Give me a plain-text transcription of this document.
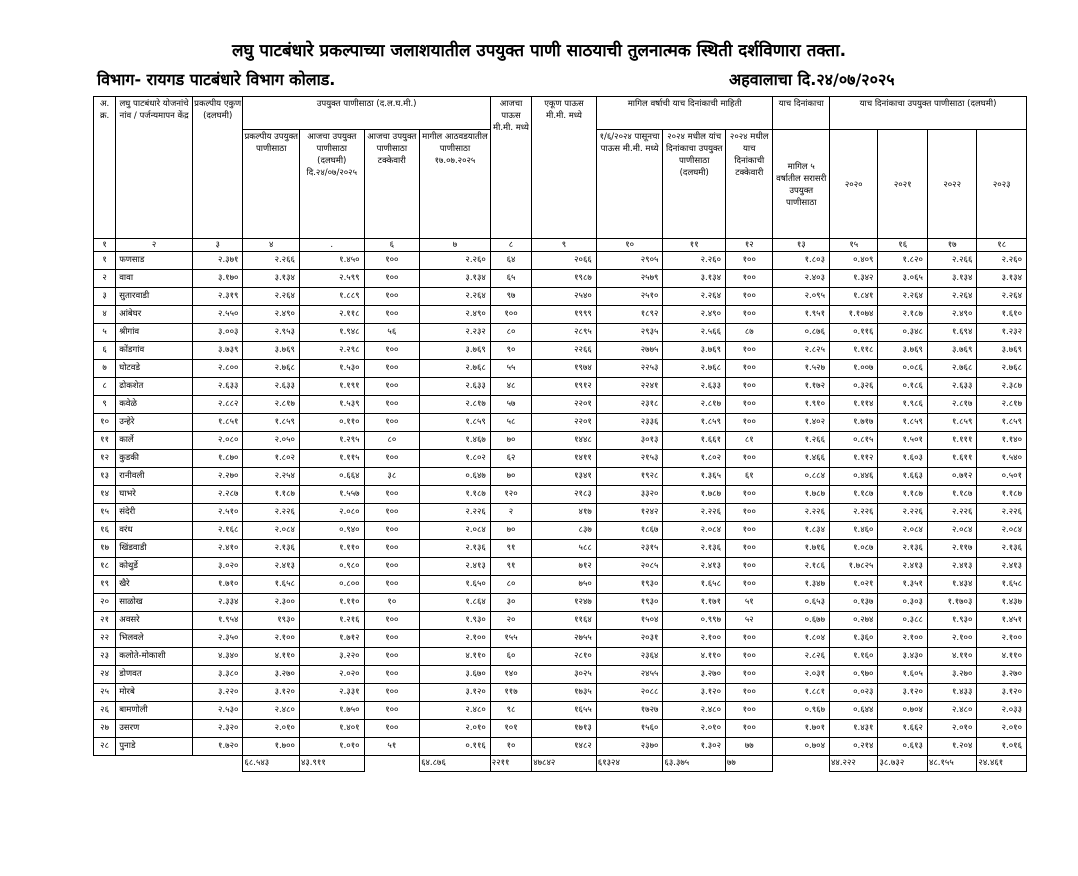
लघु पाटबंधारे प्रकल्पाच्या जलाशयातील उपयुक्त पाणी साठयाची तुलनात्मक स्थिती दर्शविणारा तक्ता.
विभाग- रायगड पाटबंधारे विभाग कोलाड.	अहवालाचा दि.२४/०७/२०२५
अ. क्र.	लघु पाटबंधारे योजनांचे नांव / पर्जन्यमापन केंद्र	प्रकल्पीय एकुण (दलघमी)	उपयुक्त पाणीसाठा (द.ल.घ.मी.)				आजचा पाऊस मी.मी. मध्ये	एकूण पाऊस मी.मी. मध्ये	मागिल वर्षाची याच दिनांकाची माहिती			याच दिनांकाचा	याच दिनांकाचा उपयुक्त पाणीसाठा (दलघमी)			
			प्रकल्पीय उपयुक्त पाणीसाठा	आजचा उपयुक्त पाणीसाठा (दलघमी) दि.२४/०७/२०२५	आजचा उपयुक्त पाणीसाठा टक्केवारी	मागील आठवडयातील पाणीसाठा १७.०७.२०२५			१/६/२०२४ पासूनचा पाऊस मी.मी. मध्ये	२०२४ मधील यांच दिनांकाचा उपयुक्त पाणीसाठा (दलघमी)	२०२४ मधील याच दिनांकाची टक्केवारी	मागिल ५ वर्षातील सरासरी उपयुक्त पाणीसाठा	२०२०	२०२१	२०२२	२०२३
१	२	३	४	.	६	७	८	९	१०	११	१२	१३	१५	१६	१७	१८
१	फणसाड	२.३७१	२.२६६	१.४५०	१००	२.२६०	६४	२०६६	२९०५	२.२६०	१००	१.८०३	०.४०९	१.८२०	२.२६६	२.२६०
२	वावा	३.१७०	३.१३४	२.५९९	१००	३.१३४	६५	१९८७	२५७९	३.१३४	१००	२.४०३	१.३४२	३.०६५	३.१३४	३.१३४
३	सुतारवाडी	२.३१९	२.२६४	१.८८९	१००	२.२६४	९७	२५४०	२५१०	२.२६४	१००	२.०९५	१.८४१	२.२६४	२.२६४	२.२६४
४	आंबेघर	२.५५०	२.४९०	२.११८	१००	२.४९०	१००	१९९९	१८९२	२.४९०	१००	१.९५१	१.१०७४	२.१८७	२.४९०	१.६१०
५	श्रीगांव	३.००३	२.९५३	१.९४८	५६	२.२३२	८०	२८९५	२९३५	२.५६६	८७	०.८७६	०.११६	०.३४८	१.६९४	१.२३२
६	कोंडगांव	३.७३९	३.७६९	२.२९८	१००	३.७६९	९०	२२६६	२७७५	३.७६९	१००	२.८२५	१.११८	३.७६९	३.७६९	३.७६९
७	घोटवडे	२.८००	२.७६८	१.५३०	१००	२.७६८	५५	१९७४	२२५३	२.७६८	१००	१.५२७	१.००७	०.०८६	२.७६८	२.७६८
८	ढोकशेत	२.६३३	२.६३३	१.१९१	१००	२.६३३	४८	१९१२	२२४१	२.६३३	१००	१.१७२	०.३२६	०.१८६	२.६३३	२.३८७
९	कवेळे	२.८८२	२.८१७	१.५३९	१००	२.८१७	५७	२२०१	२३१८	२.८१७	१००	१.९१०	१.११४	१.९८६	२.८१७	२.८१७
१०	उन्हेरे	१.८५१	१.८५९	०.११०	१००	१.८५९	५८	२२०१	२३३६	१.८५९	१००	१.४०२	१.७१७	१.८५९	१.८५९	१.८५९
११	कार्ले	२.०८०	२.०५०	१.२९५	८०	१.४६७	७०	१४४८	३०१३	१.६६१	८१	१.२६६	०.८१५	१.५०१	१.१११	१.१४०
१२	कुडकी	१.८७०	१.८०२	१.११५	१००	१.८०२	६२	१४११	२१५३	१.८०२	१००	१.४६६	१.११२	१.६०३	१.६११	१.५४०
१३	रानीवली	२.२७०	२.२५४	०.६६४	३८	०.६४७	७०	१३४१	१९२८	१.३६५	६१	०.८८४	०.४४६	१.६६३	०.७१२	०.५०१
१४	घाभरे	२.२८७	१.१८७	१.५५७	१००	१.१८७	१२०	२१८३	३३२०	१.७८७	१००	१.७८७	१.१८७	१.१८७	१.१८७	१.१८७
१५	संदेरी	२.५१०	२.२२६	२.०८०	१००	२.२२६	२	४१७	१२४२	२.२२६	१००	२.२२६	२.२२६	२.२२६	२.२२६	२.२२६
१६	वरंध	२.१६८	२.०८४	०.९४०	१००	२.०८४	७०	८३७	१८६७	२.०८४	१००	१.८३४	१.४६०	२.०८४	२.०८४	२.०८४
१७	खिंडवाडी	२.४१०	२.१३६	१.११०	१००	२.१३६	९१	५८८	२३१५	२.१३६	१००	१.७१६	१.०८७	२.१३६	२.११७	२.१३६
१८	कोथुर्डे	३.०२०	२.४१३	०.९८०	१००	२.४१३	९१	७१२	२०८५	२.४१३	१००	२.१८६	१.७८२५	२.४१३	२.४१३	२.४१३
१९	खैरे	१.७१०	१.६५८	०.८००	१००	१.६५०	८०	७५०	१९३०	१.६५८	१००	१.३४७	१.०२१	१.३५१	१.४३४	१.६५८
२०	साळोख	२.३३४	२.३००	१.११०	१०	१.८६४	३०	१२४७	१९३०	१.१७१	५१	०.६५३	०.१३७	०.३०३	१.१७०३	१.४३७
२१	अवसरे	१.९५४	१९३०	१.२१६	१००	१.९३०	२०	११६४	१५०४	०.९९७	५२	०.६७७	०.२७४	०.३८८	१.९३०	१.४५१
२२	भिलवले	२.३५०	२.१००	१.७१२	१००	२.१००	१५५	२७५५	२०३१	२.१००	१००	१.८०४	१.३६०	२.१००	२.१००	२.१००
२३	कलोते-मोकाशी	४.३४०	४.११०	३.२२०	१००	४.११०	६०	२८१०	२३६४	४.११०	१००	२.८२६	१.१६०	३.४३०	४.११०	४.११०
२४	डोणवत	३.३८०	३.२७०	२.०२०	१००	३.६७०	१४०	३०२५	२४५५	३.२७०	१००	२.०३१	०.९७०	१.६०५	३.२७०	३.२७०
२५	मोरबे	३.२२०	३.१२०	२.३३१	१००	३.१२०	११७	१७३५	२०८८	३.१२०	१००	१.८८१	०.०२३	३.१२०	१.४३३	३.१२०
२६	बामणोली	२.५३०	२.४८०	१.७५०	१००	२.४८०	९८	१६५५	१७२७	२.४८०	१००	०.९६७	०.६४४	०.७०४	२.४८०	२.०३३
२७	उसरण	२.३२०	२.०१०	१.४०१	१००	२.०१०	१०१	१७१३	१५६०	२.०१०	१००	१.७०१	१.४३१	१.६६२	२.०१०	२.०१०
२८	पुनाडे	१.७२०	१.७००	१.०१०	५१	०.११६	१०	१४८२	२३७०	१.३०२	७७	०.७०४	०.२१४	०.६१३	१.२०४	१.०१६
			६८.५४३	४३.९११		६४.८७६	२२११	४७८४२	६१३२४	६३.३७५	७७		४४.२२२	३८.७३२	४८.१५५	२४.४६१
